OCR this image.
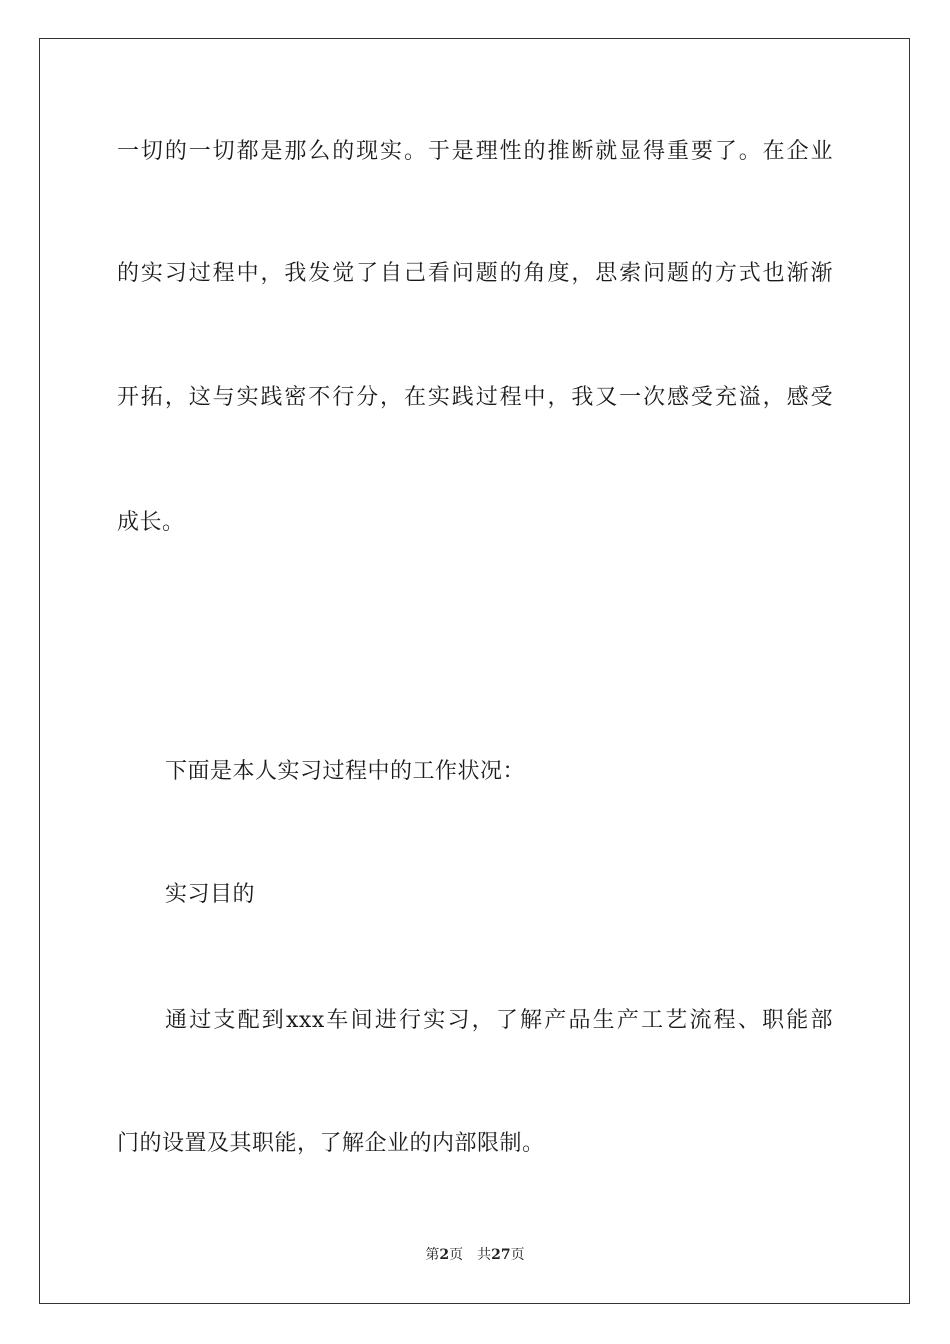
一切的一切都是那么的现实。于是理性的推断就显得重要了。在企业
的实习过程中，我发觉了自己看问题的角度，思索问题的方式也渐渐
开拓，这与实践密不行分，在实践过程中，我又一次感受充溢，感受
成长。
下面是本人实习过程中的工作状况：
实习目的
通过支配到xxx车间进行实习，了解产品生产工艺流程、职能部
门的设置及其职能，了解企业的内部限制。
第2页 共27页
